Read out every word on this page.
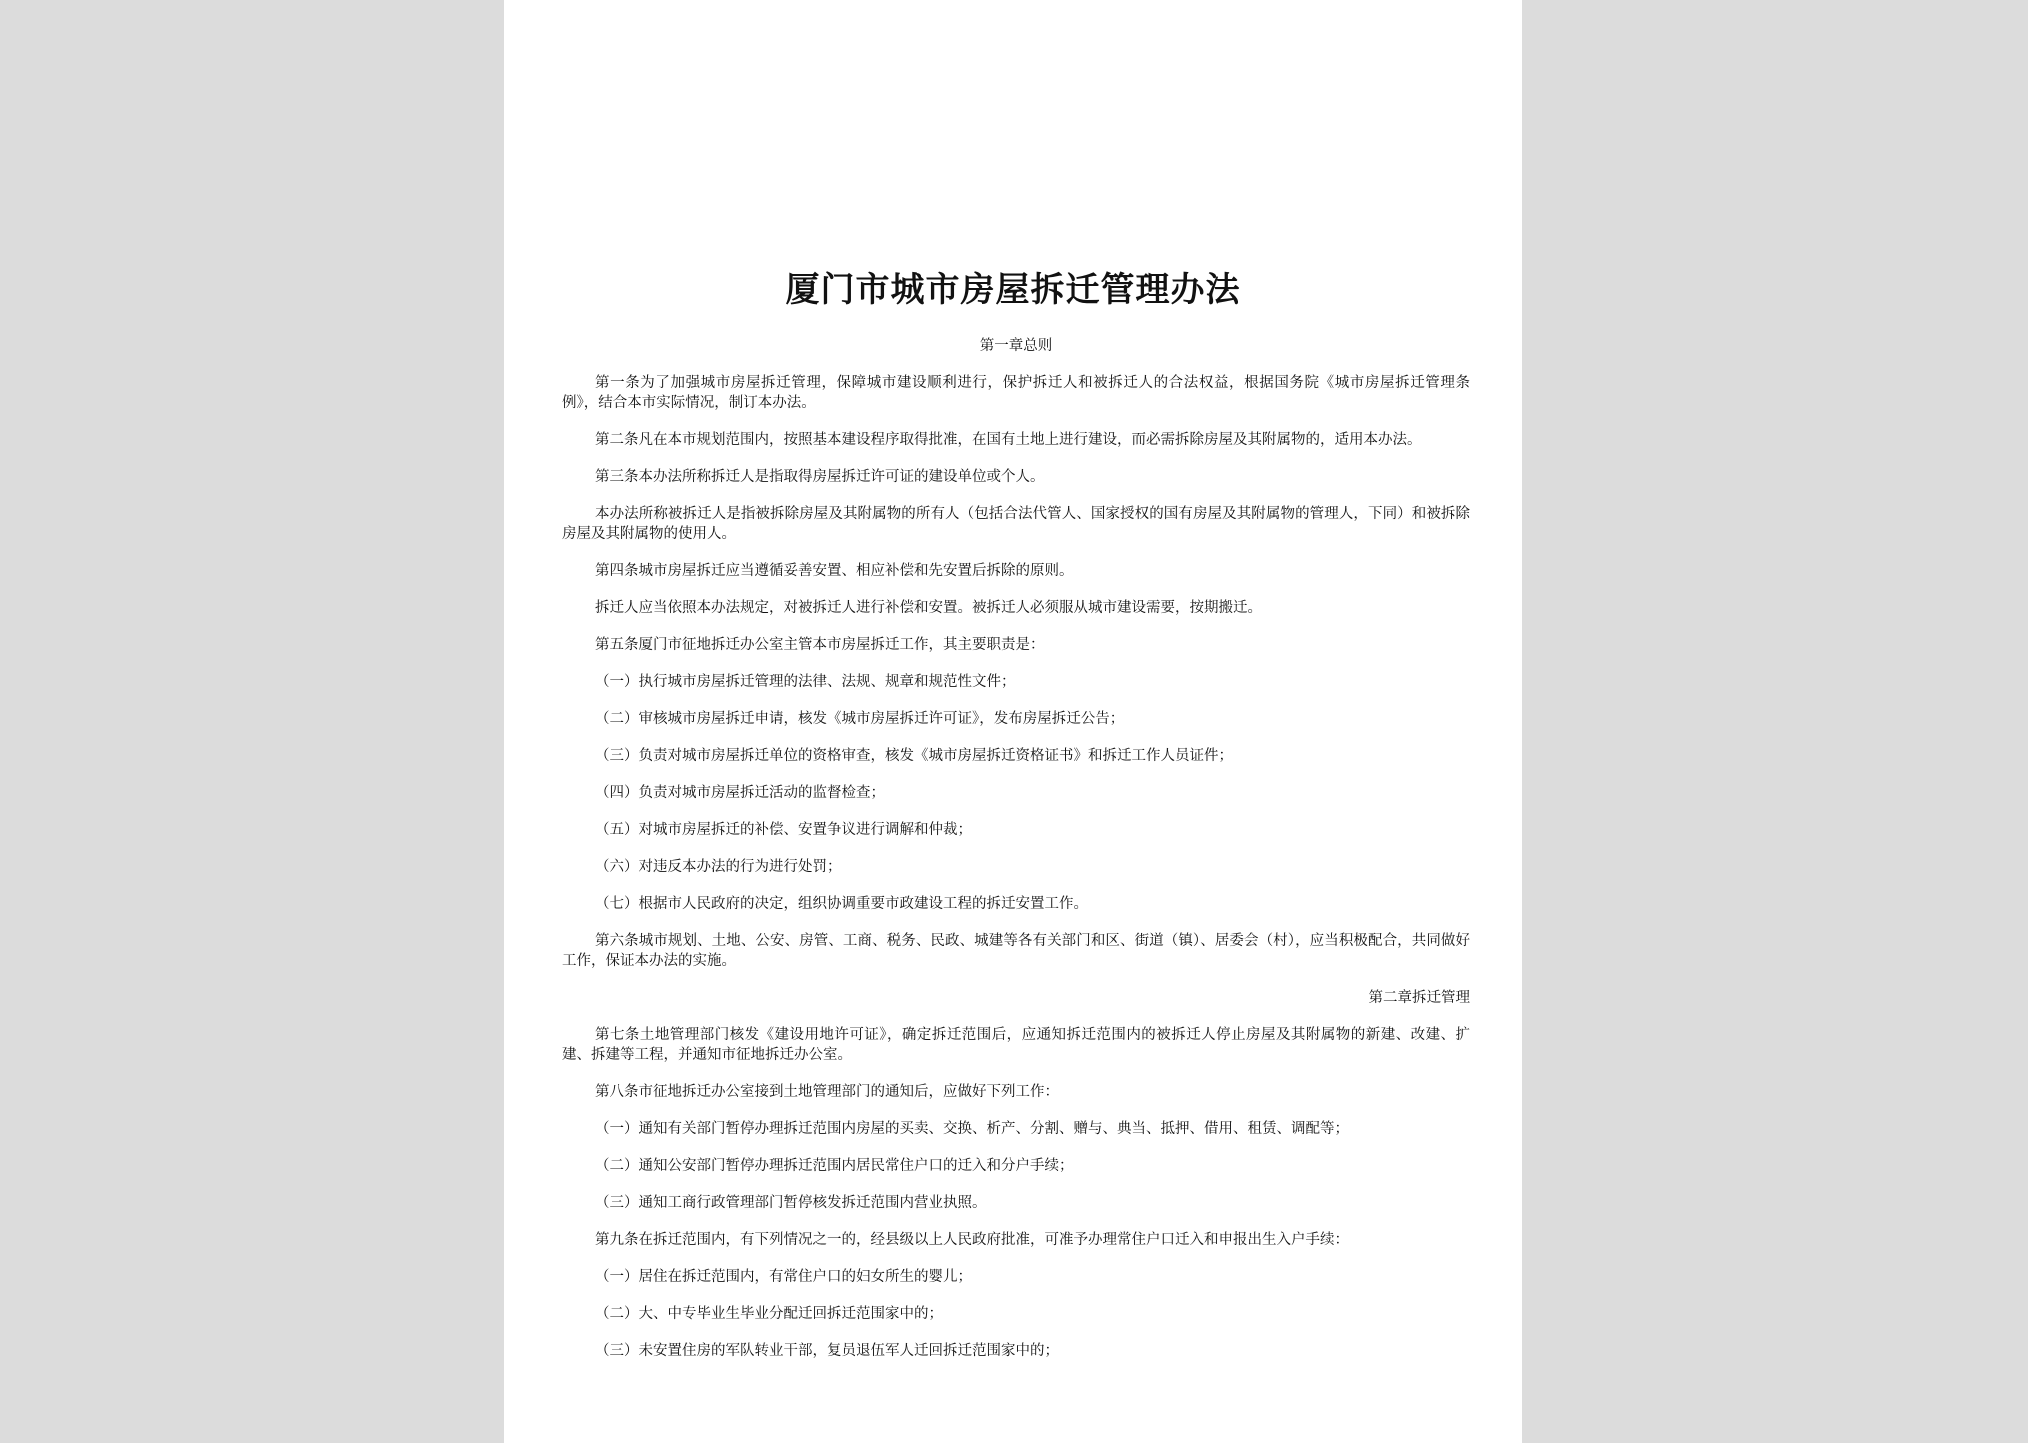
厦门市城市房屋拆迁管理办法
第一章总则

第一条为了加强城市房屋拆迁管理，保障城市建设顺利进行，保护拆迁人和被拆迁人的合法权益，根据国务院《城市房屋拆迁管理条例》，结合本市实际情况，制订本办法。

第二条凡在本市规划范围内，按照基本建设程序取得批准，在国有土地上进行建设，而必需拆除房屋及其附属物的，适用本办法。

第三条本办法所称拆迁人是指取得房屋拆迁许可证的建设单位或个人。

本办法所称被拆迁人是指被拆除房屋及其附属物的所有人（包括合法代管人、国家授权的国有房屋及其附属物的管理人，下同）和被拆除房屋及其附属物的使用人。

第四条城市房屋拆迁应当遵循妥善安置、相应补偿和先安置后拆除的原则。

拆迁人应当依照本办法规定，对被拆迁人进行补偿和安置。被拆迁人必须服从城市建设需要，按期搬迁。

第五条厦门市征地拆迁办公室主管本市房屋拆迁工作，其主要职责是：

（一）执行城市房屋拆迁管理的法律、法规、规章和规范性文件；

（二）审核城市房屋拆迁申请，核发《城市房屋拆迁许可证》，发布房屋拆迁公告；

（三）负责对城市房屋拆迁单位的资格审查，核发《城市房屋拆迁资格证书》和拆迁工作人员证件；

（四）负责对城市房屋拆迁活动的监督检查；

（五）对城市房屋拆迁的补偿、安置争议进行调解和仲裁；

（六）对违反本办法的行为进行处罚；

（七）根据市人民政府的决定，组织协调重要市政建设工程的拆迁安置工作。

第六条城市规划、土地、公安、房管、工商、税务、民政、城建等各有关部门和区、街道（镇）、居委会（村），应当积极配合，共同做好工作，保证本办法的实施。

第二章拆迁管理

第七条土地管理部门核发《建设用地许可证》，确定拆迁范围后，应通知拆迁范围内的被拆迁人停止房屋及其附属物的新建、改建、扩建、拆建等工程，并通知市征地拆迁办公室。

第八条市征地拆迁办公室接到土地管理部门的通知后，应做好下列工作：

（一）通知有关部门暂停办理拆迁范围内房屋的买卖、交换、析产、分割、赠与、典当、抵押、借用、租赁、调配等；

（二）通知公安部门暂停办理拆迁范围内居民常住户口的迁入和分户手续；

（三）通知工商行政管理部门暂停核发拆迁范围内营业执照。

第九条在拆迁范围内，有下列情况之一的，经县级以上人民政府批准，可准予办理常住户口迁入和申报出生入户手续：

（一）居住在拆迁范围内，有常住户口的妇女所生的婴儿；

（二）大、中专毕业生毕业分配迁回拆迁范围家中的；

（三）未安置住房的军队转业干部，复员退伍军人迁回拆迁范围家中的；
